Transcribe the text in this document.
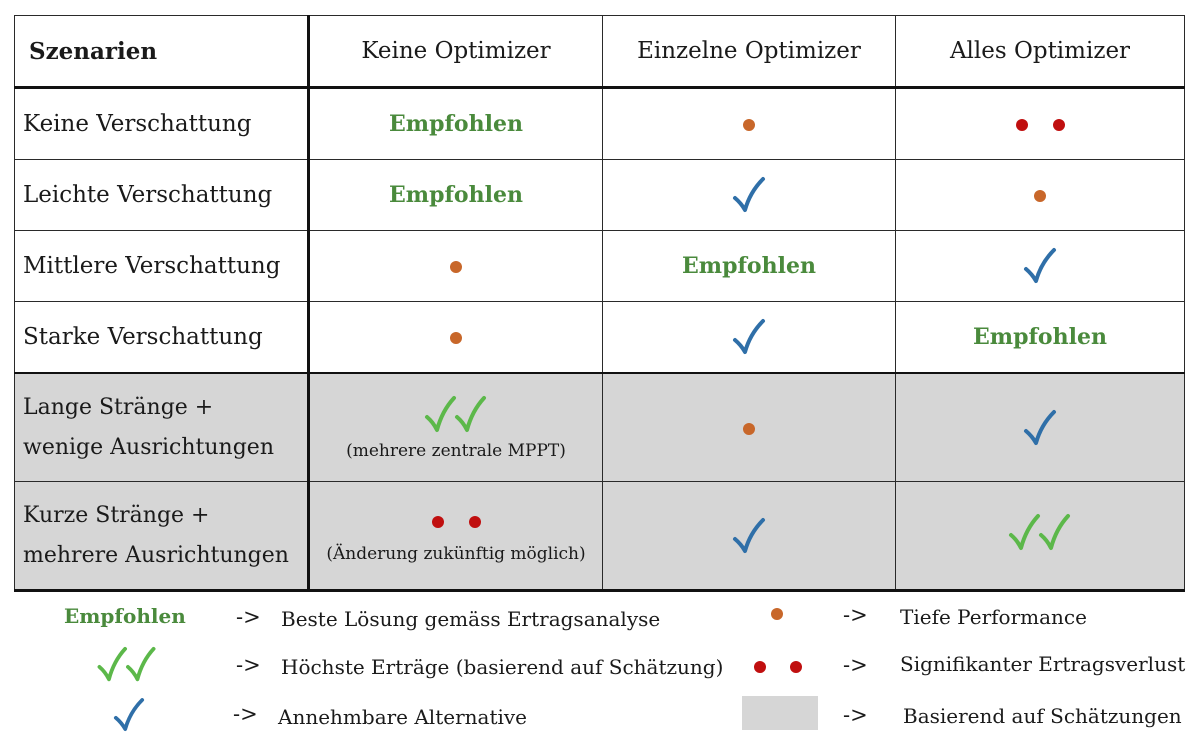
Szenarien	Keine Optimizer	Einzelne Optimizer	Alles Optimizer
Keine Verschattung	Empfohlen		

Leichte Verschattung	Empfohlen		
Mittlere Verschattung		Empfohlen	
Starke Verschattung			Empfohlen

Lange Stränge +
wenige Ausrichtungen	(mehrere zentrale MPPT)

Kurze Stränge +
mehrere Ausrichtungen	(Änderung zukünftig möglich)

Empfohlen -> Beste Lösung gemäss Ertragsanalyse
-> Höchste Erträge (basierend auf Schätzung)
-> Annehmbare Alternative
-> Tiefe Performance
-> Signifikanter Ertragsverlust
-> Basierend auf Schätzungen
